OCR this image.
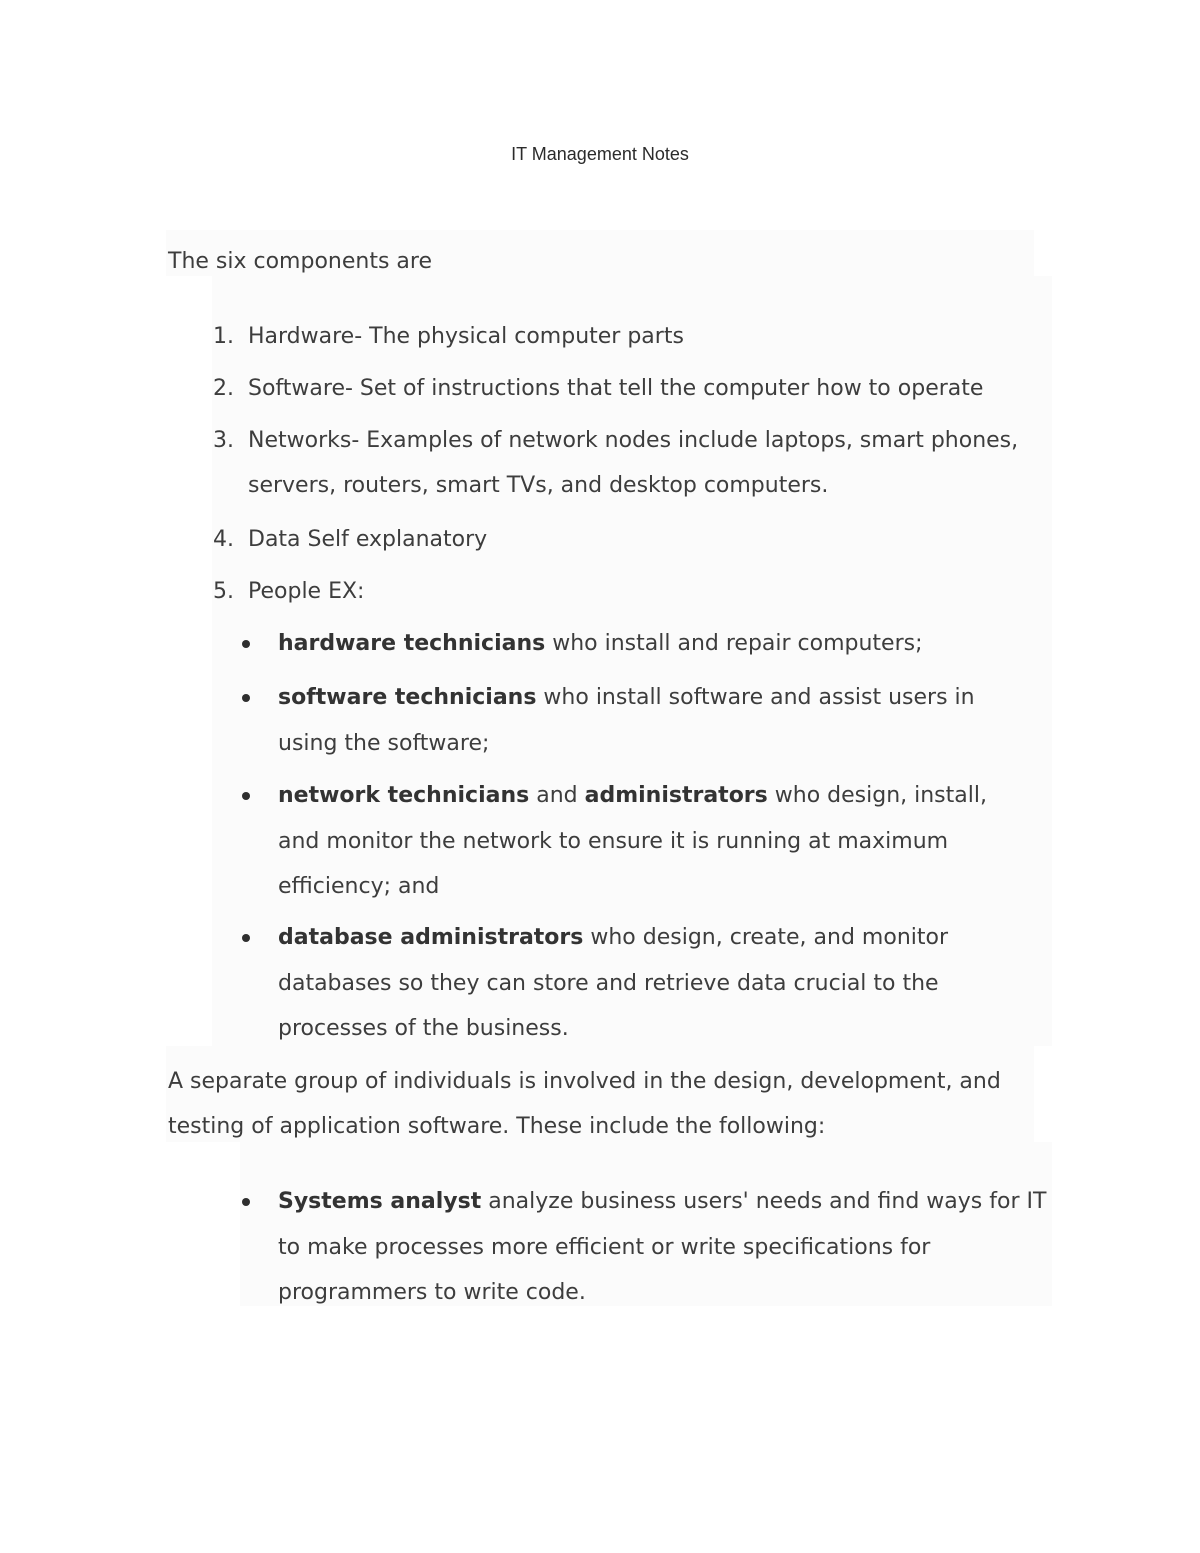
IT Management Notes
The six components are
1. Hardware- The physical computer parts
2. Software- Set of instructions that tell the computer how to operate
3. Networks- Examples of network nodes include laptops, smart phones, servers, routers, smart TVs, and desktop computers.
4. Data Self explanatory
5. People EX:
hardware technicians who install and repair computers;
software technicians who install software and assist users in using the software;
network technicians and administrators who design, install, and monitor the network to ensure it is running at maximum efficiency; and
database administrators who design, create, and monitor databases so they can store and retrieve data crucial to the processes of the business.
A separate group of individuals is involved in the design, development, and testing of application software. These include the following:
Systems analyst analyze business users' needs and find ways for IT to make processes more efficient or write specifications for programmers to write code.
